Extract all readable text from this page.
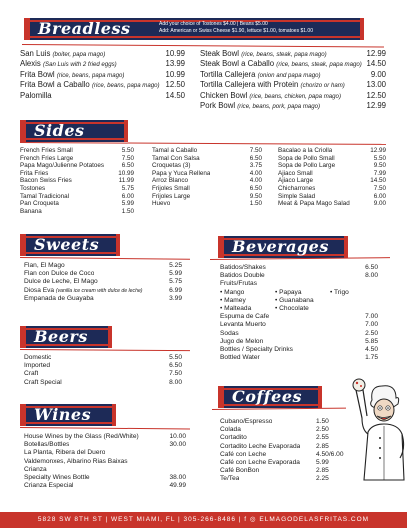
Breadless	Add your choice of Tostones $4.00 | Beans $5.00
Add: American or Swiss Cheese $1.90, lettuce $1.00, tomatoes $1.00
San Luis (boiter, papa mago)	10.99
Alexis (San Luis with 2 fried eggs)	13.99
Frita Bowl (rice, beans, papa mago)	10.99
Frita Bowl a Caballo (rice, beans, papa mago) 12.50
Palomilla	14.50
Steak Bowl (rice, beans, steak, papa mago)	12.99
Steak Bowl a Caballo (rice, beans, steak, papa mago) 14.50
Tortilla Callejera (onion and papa mago)	9.00
Tortilla Callejera with Protein (chorizo or ham)	13.00
Chicken Bowl (rice, beans, chicken, papa mago)	12.50
Pork Bowl (rice, beans, pork, papa mago)	12.99
Sides
French Fries Small	5.50
French Fries Large	7.50
Papa Mago/Julienne Potatoes	6.50
Frita Fries	10.99
Bacon Swiss Fries	11.99
Tostones	5.75
Tamal Tradicional	6.00
Pan Croqueta	5.99
Banana	1.50
Tamal a Caballo	7.50
Tamal Con Salsa	6.50
Croquetas (3)	3.75
Papa y Yuca Rellena	4.00
Arroz Blanco	4.00
Frijoles Small	6.50
Frijoles Large	9.50
Huevo	1.50
Bacalao a la Criolla	12.99
Sopa de Pollo Small	5.50
Sopa de Pollo Large	9.50
Ajiaco Small	7.99
Ajiaco Large	14.50
Chicharrones	7.50
Simple Salad	6.00
Meat & Papa Mago Salad	9.00
Sweets
Flan, El Mago	5.25
Flan con Dulce de Coco	5.99
Dulce de Leche, El Mago	5.75
Diosa Eva (vanilla ice cream with dulce de leche)	6.99
Empanada de Guayaba	3.99
Beverages
Batidos/Shakes	6.50
Batidos Double	8.00
Fruits/Frutas
• Mango	• Papaya	• Trigo
• Mamey	• Guanabana
• Malteada	• Chocolate
Espuma de Cafe	7.00
Levanta Muerto	7.00
Sodas	2.50
Jugo de Melon	5.85
Bottles / Specialty Drinks	4.50
Bottled Water	1.75
Beers
Domestic	5.50
Imported	6.50
Craft	7.50
Craft Special	8.00
Coffees
Cubano/Espresso	1.50
Colada	2.50
Cortadito	2.55
Cortadito Leche Evaporada 2.85
Café con Leche	4.50/6.00
Café con Leche Evaporada 5.99
Café BonBon	2.85
Te/Tea	2.25
Wines
House Wines by the Glass (Red/White)	10.00
Botellas/Bottles	30.00
La Planta, Ribera del Duero
Valdemonxes, Albarino Rias Baixas
Crianza
Specialty Wines Bottle	38.00
Crianza Especial	49.99
5828 SW 8TH ST | WEST MIAMI, FL | 305-266-8486 | f ◎ ELMAGODELASFRITAS.COM
